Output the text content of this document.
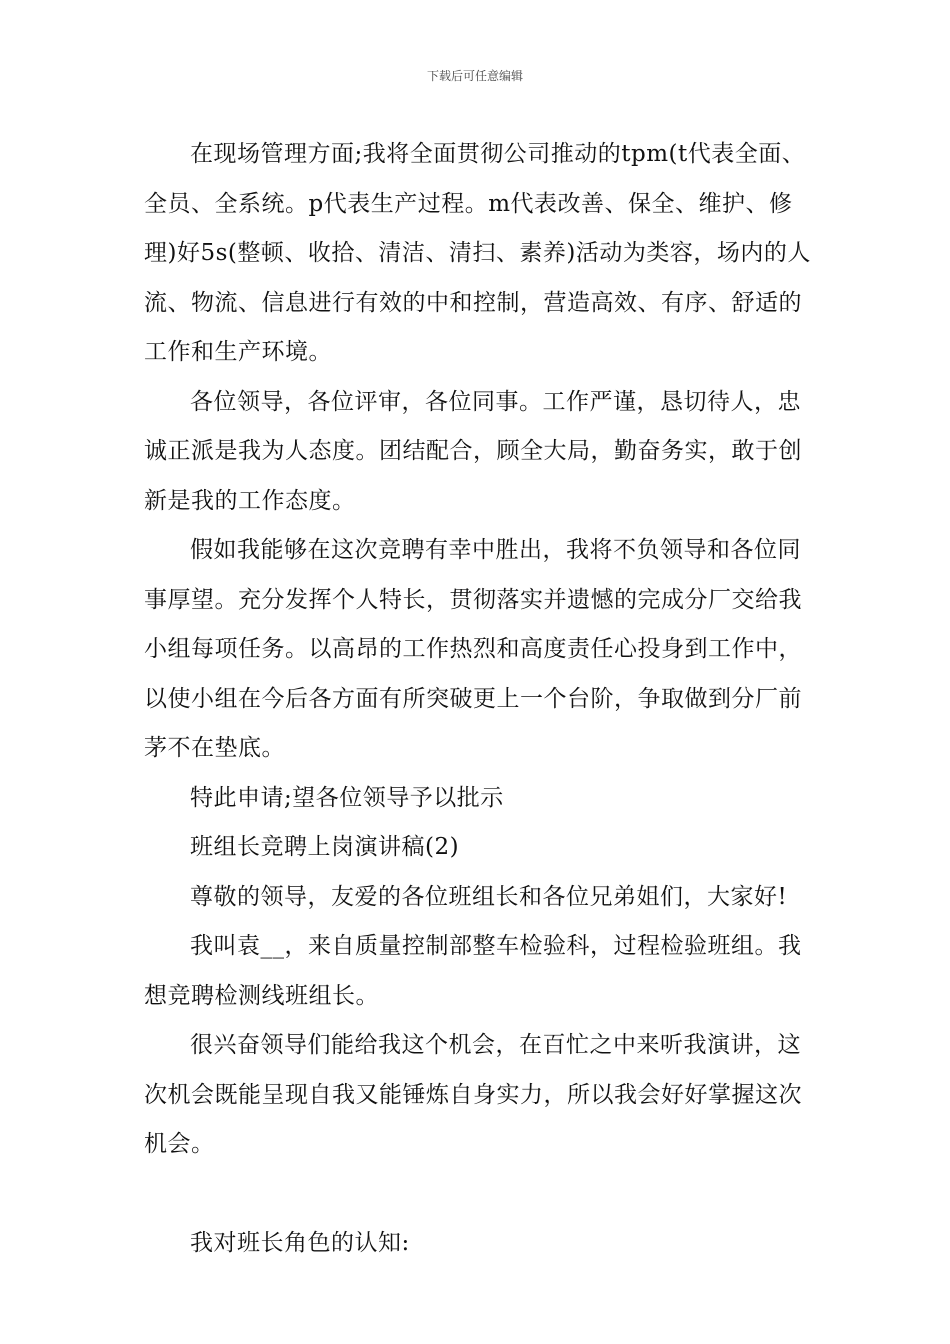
下载后可任意编辑

在现场管理方面;我将全面贯彻公司推动的tpm(t代表全面、全员、全系统。p代表生产过程。m代表改善、保全、维护、修理)好5s(整顿、收拾、清洁、清扫、素养)活动为类容，场内的人流、物流、信息进行有效的中和控制，营造高效、有序、舒适的工作和生产环境。

各位领导，各位评审，各位同事。工作严谨，恳切待人，忠诚正派是我为人态度。团结配合，顾全大局，勤奋务实，敢于创新是我的工作态度。

假如我能够在这次竞聘有幸中胜出，我将不负领导和各位同事厚望。充分发挥个人特长，贯彻落实并遗憾的完成分厂交给我小组每项任务。以高昂的工作热烈和高度责任心投身到工作中，以使小组在今后各方面有所突破更上一个台阶，争取做到分厂前茅不在垫底。

特此申请;望各位领导予以批示

班组长竞聘上岗演讲稿(2)

尊敬的领导，友爱的各位班组长和各位兄弟姐们，大家好!

我叫袁__，来自质量控制部整车检验科，过程检验班组。我想竞聘检测线班组长。

很兴奋领导们能给我这个机会，在百忙之中来听我演讲，这次机会既能呈现自我又能锤炼自身实力，所以我会好好掌握这次机会。

我对班长角色的认知:
